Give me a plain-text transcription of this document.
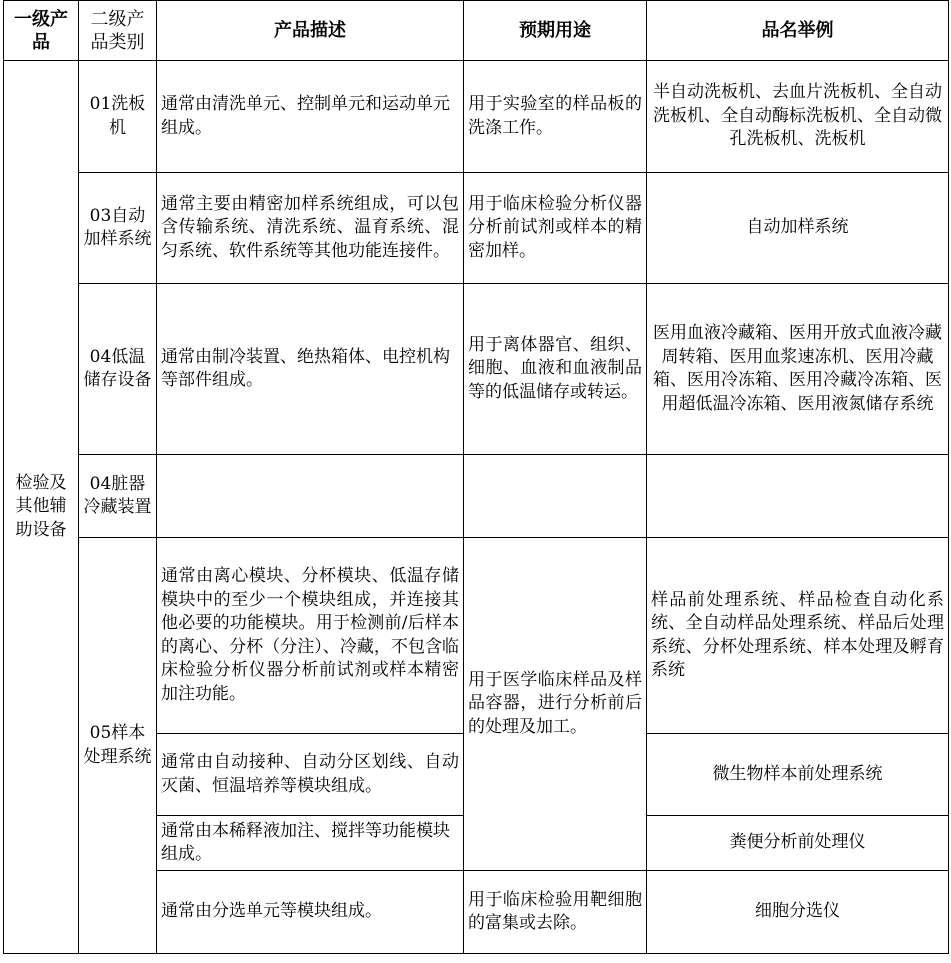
一级产品	二级产品类别	产品描述	预期用途	品名举例
检验及其他辅助设备	01洗板机	通常由清洗单元、控制单元和运动单元组成。	用于实验室的样品板的洗涤工作。	半自动洗板机、去血片洗板机、全自动洗板机、全自动酶标洗板机、全自动微孔洗板机、洗板机
	03自动加样系统	通常主要由精密加样系统组成，可以包含传输系统、清洗系统、温育系统、混匀系统、软件系统等其他功能连接件。	用于临床检验分析仪器分析前试剂或样本的精密加样。	自动加样系统
	04低温储存设备	通常由制冷装置、绝热箱体、电控机构等部件组成。	用于离体器官、组织、细胞、血液和血液制品等的低温储存或转运。	医用血液冷藏箱、医用开放式血液冷藏周转箱、医用血浆速冻机、医用冷藏箱、医用冷冻箱、医用冷藏冷冻箱、医用超低温冷冻箱、医用液氮储存系统
	04脏器冷藏装置			
	05样本处理系统	通常由离心模块、分杯模块、低温存储模块中的至少一个模块组成，并连接其他必要的功能模块。用于检测前/后样本的离心、分杯（分注）、冷藏，不包含临床检验分析仪器分析前试剂或样本精密加注功能。	用于医学临床样品及样品容器，进行分析前后的处理及加工。	样品前处理系统、样品检查自动化系统、全自动样品处理系统、样品后处理系统、分杯处理系统、样本处理及孵育系统
		通常由自动接种、自动分区划线、自动灭菌、恒温培养等模块组成。		微生物样本前处理系统

		通常由本稀释液加注、搅拌等功能模块组成。		粪便分析前处理仪
		通常由分选单元等模块组成。	用于临床检验用靶细胞的富集或去除。	细胞分选仪
